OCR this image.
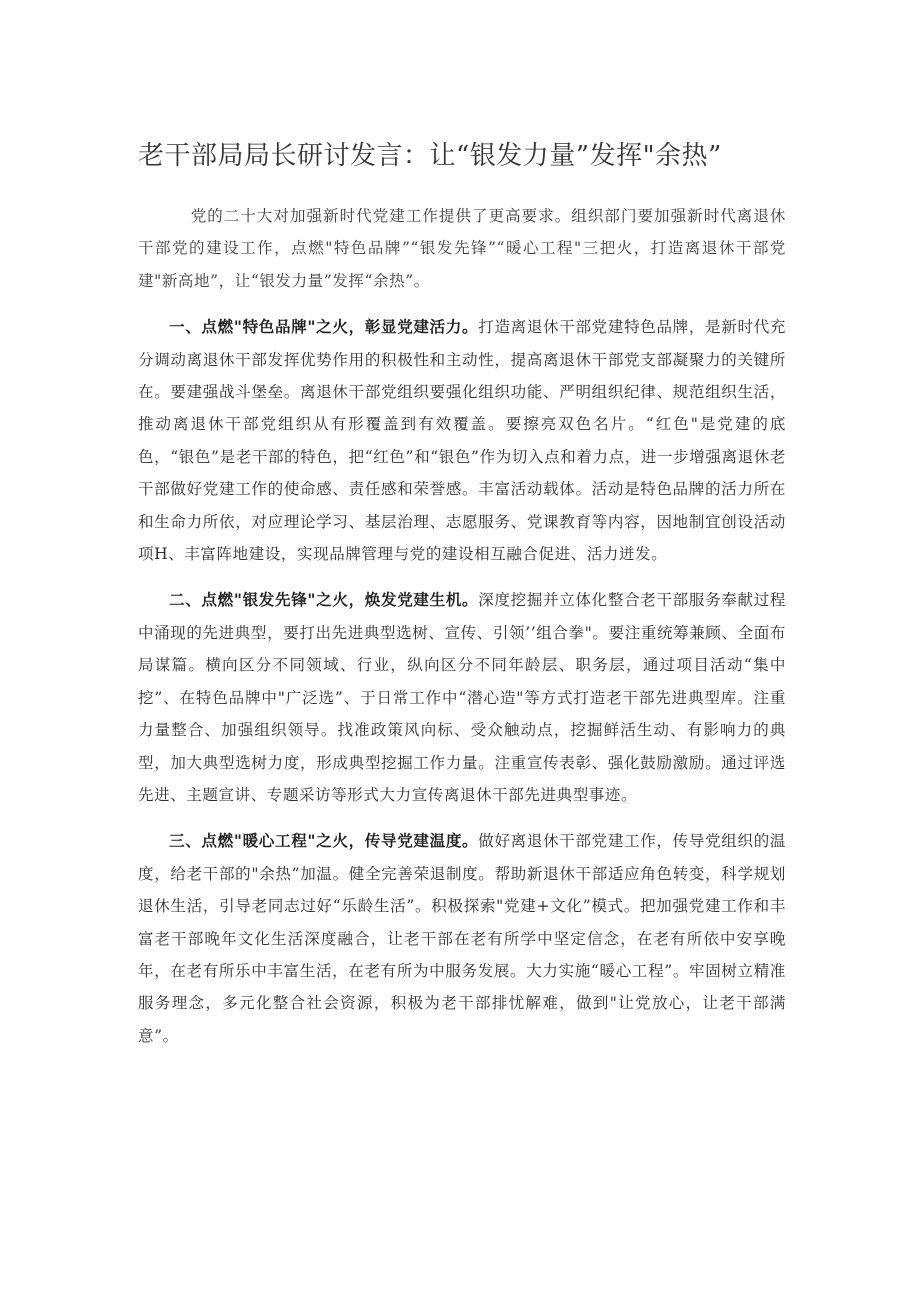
老干部局局长研讨发言：让“银发力量”发挥"余热”

党的二十大对加强新时代党建工作提供了更高要求。组织部门要加强新时代离退休干部党的建设工作，点燃"特色品牌”“银发先锋”“暖心工程"三把火，打造离退休干部党建"新高地”，让“银发力量”发挥“余热”。

一、点燃"特色品牌"之火，彰显党建活力。打造离退休干部党建特色品牌，是新时代充分调动离退休干部发挥优势作用的积极性和主动性，提高离退休干部党支部凝聚力的关键所在。要建强战斗堡垒。离退休干部党组织要强化组织功能、严明组织纪律、规范组织生活，推动离退休干部党组织从有形覆盖到有效覆盖。要擦亮双色名片。“红色"是党建的底色，“银色”是老干部的特色，把“红色”和“银色”作为切入点和着力点，进一步增强离退休老干部做好党建工作的使命感、责任感和荣誉感。丰富活动载体。活动是特色品牌的活力所在和生命力所依，对应理论学习、基层治理、志愿服务、党课教育等内容，因地制宜创设活动项H、丰富阵地建设，实现品牌管理与党的建设相互融合促进、活力迸发。

二、点燃"银发先锋"之火，焕发党建生机。深度挖掘并立体化整合老干部服务奉献过程中涌现的先进典型，要打出先进典型选树、宣传、引领’’组合拳"。要注重统筹兼顾、全面布局谋篇。横向区分不同领域、行业，纵向区分不同年龄层、职务层，通过项目活动“集中挖”、在特色品牌中"广泛选”、于日常工作中“潜心造"等方式打造老干部先进典型库。注重力量整合、加强组织领导。找准政策风向标、受众触动点，挖掘鲜活生动、有影响力的典型，加大典型选树力度，形成典型挖掘工作力量。注重宣传表彰、强化鼓励激励。通过评选先进、主题宣讲、专题采访等形式大力宣传离退休干部先进典型事迹。

三、点燃"暖心工程"之火，传导党建温度。做好离退休干部党建工作，传导党组织的温度，给老干部的"余热”加温。健全完善荣退制度。帮助新退休干部适应角色转变，科学规划退休生活，引导老同志过好“乐龄生活”。积极探索"党建+文化”模式。把加强党建工作和丰富老干部晚年文化生活深度融合，让老干部在老有所学中坚定信念，在老有所依中安享晚年，在老有所乐中丰富生活，在老有所为中服务发展。大力实施“暖心工程”。牢固树立精准服务理念，多元化整合社会资源，积极为老干部排忧解难，做到"让党放心，让老干部满意”。
